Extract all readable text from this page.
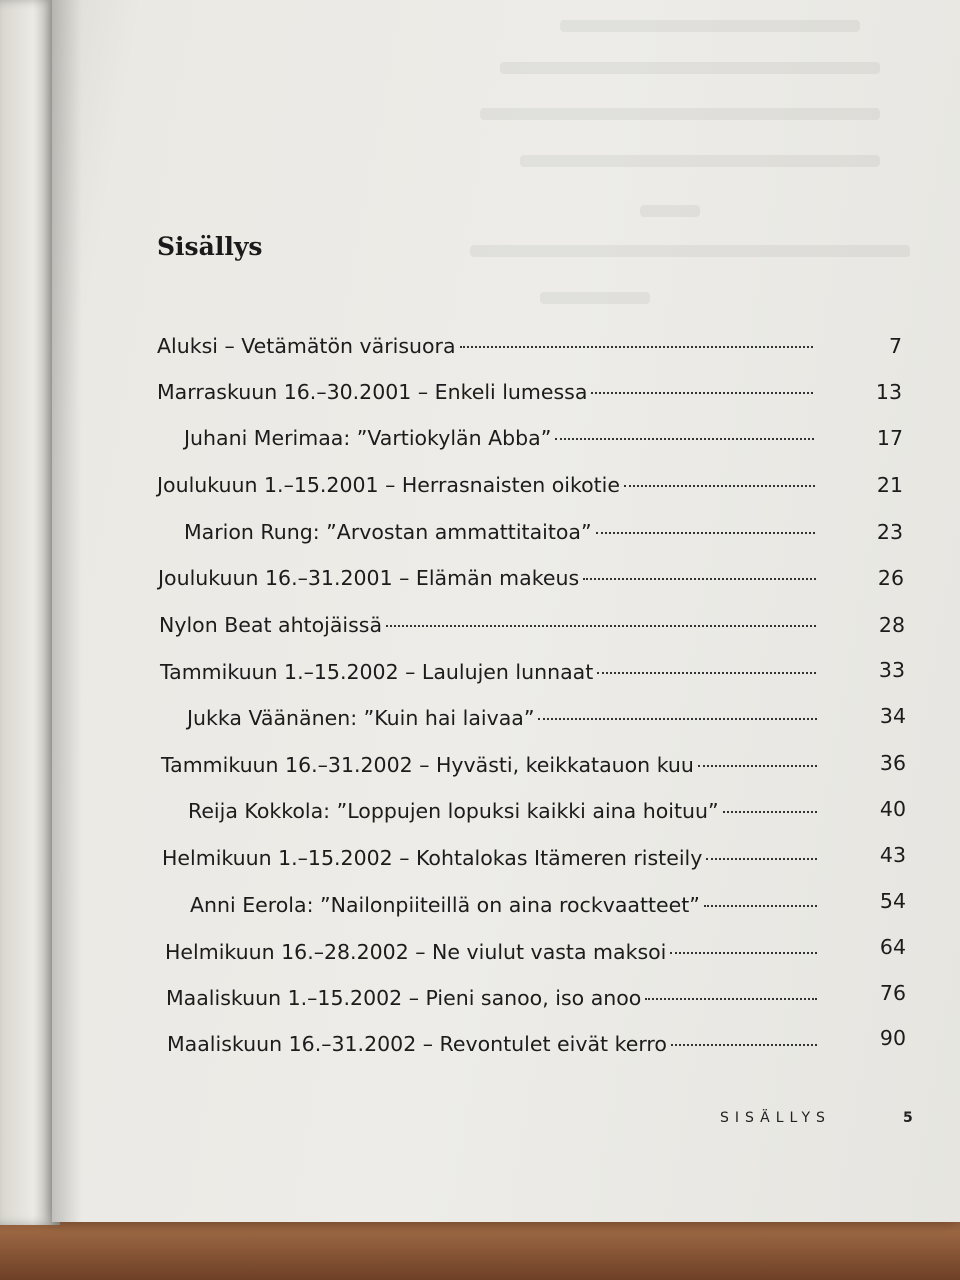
Sisällys
Aluksi – Vetämätön värisuora	7
Marraskuun 16.–30.2001 – Enkeli lumessa	13
Juhani Merimaa: ”Vartiokylän Abba”	17
Joulukuun 1.–15.2001 – Herrasnaisten oikotie	21
Marion Rung: ”Arvostan ammattitaitoa”	23
Joulukuun 16.–31.2001 – Elämän makeus	26
Nylon Beat ahtojäissä	28
Tammikuun 1.–15.2002 – Laulujen lunnaat	33
Jukka Väänänen: ”Kuin hai laivaa”	34
Tammikuun 16.–31.2002 – Hyvästi, keikkatauon kuu	36
Reija Kokkola: ”Loppujen lopuksi kaikki aina hoituu”	40
Helmikuun 1.–15.2002 – Kohtalokas Itämeren risteily	43
Anni Eerola: ”Nailonpiiteillä on aina rockvaatteet”	54
Helmikuun 16.–28.2002 – Ne viulut vasta maksoi	64
Maaliskuun 1.–15.2002 – Pieni sanoo, iso anoo	76
Maaliskuun 16.–31.2002 – Revontulet eivät kerro	90
SISÄLLYS	5
